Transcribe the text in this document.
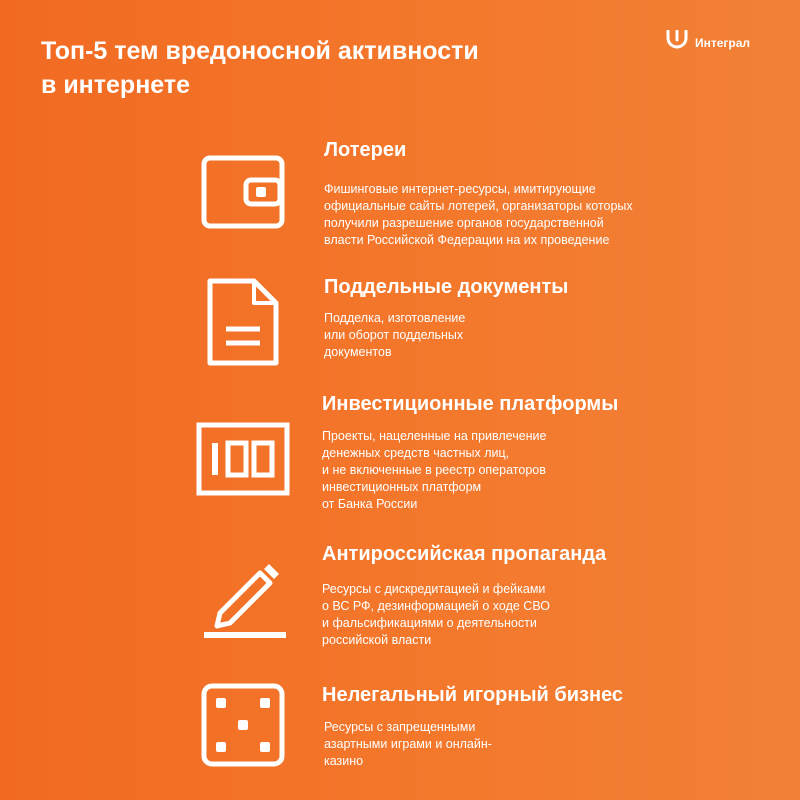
Топ-5 тем вредоносной активности
в интернете
Интеграл
Лотереи
Фишинговые интернет-ресурсы, имитирующие
официальные сайты лотерей, организаторы которых
получили разрешение органов государственной
власти Российской Федерации на их проведение
Поддельные документы
Подделка, изготовление
или оборот поддельных
документов
Инвестиционные платформы
Проекты, нацеленные на привлечение
денежных средств частных лиц,
и не включенные в реестр операторов
инвестиционных платформ
от Банка России
Антироссийская пропаганда
Ресурсы с дискредитацией и фейками
о ВС РФ, дезинформацией о ходе СВО
и фальсификациями о деятельности
российской власти
Нелегальный игорный бизнес
Ресурсы с запрещенными
азартными играми и онлайн-
казино
